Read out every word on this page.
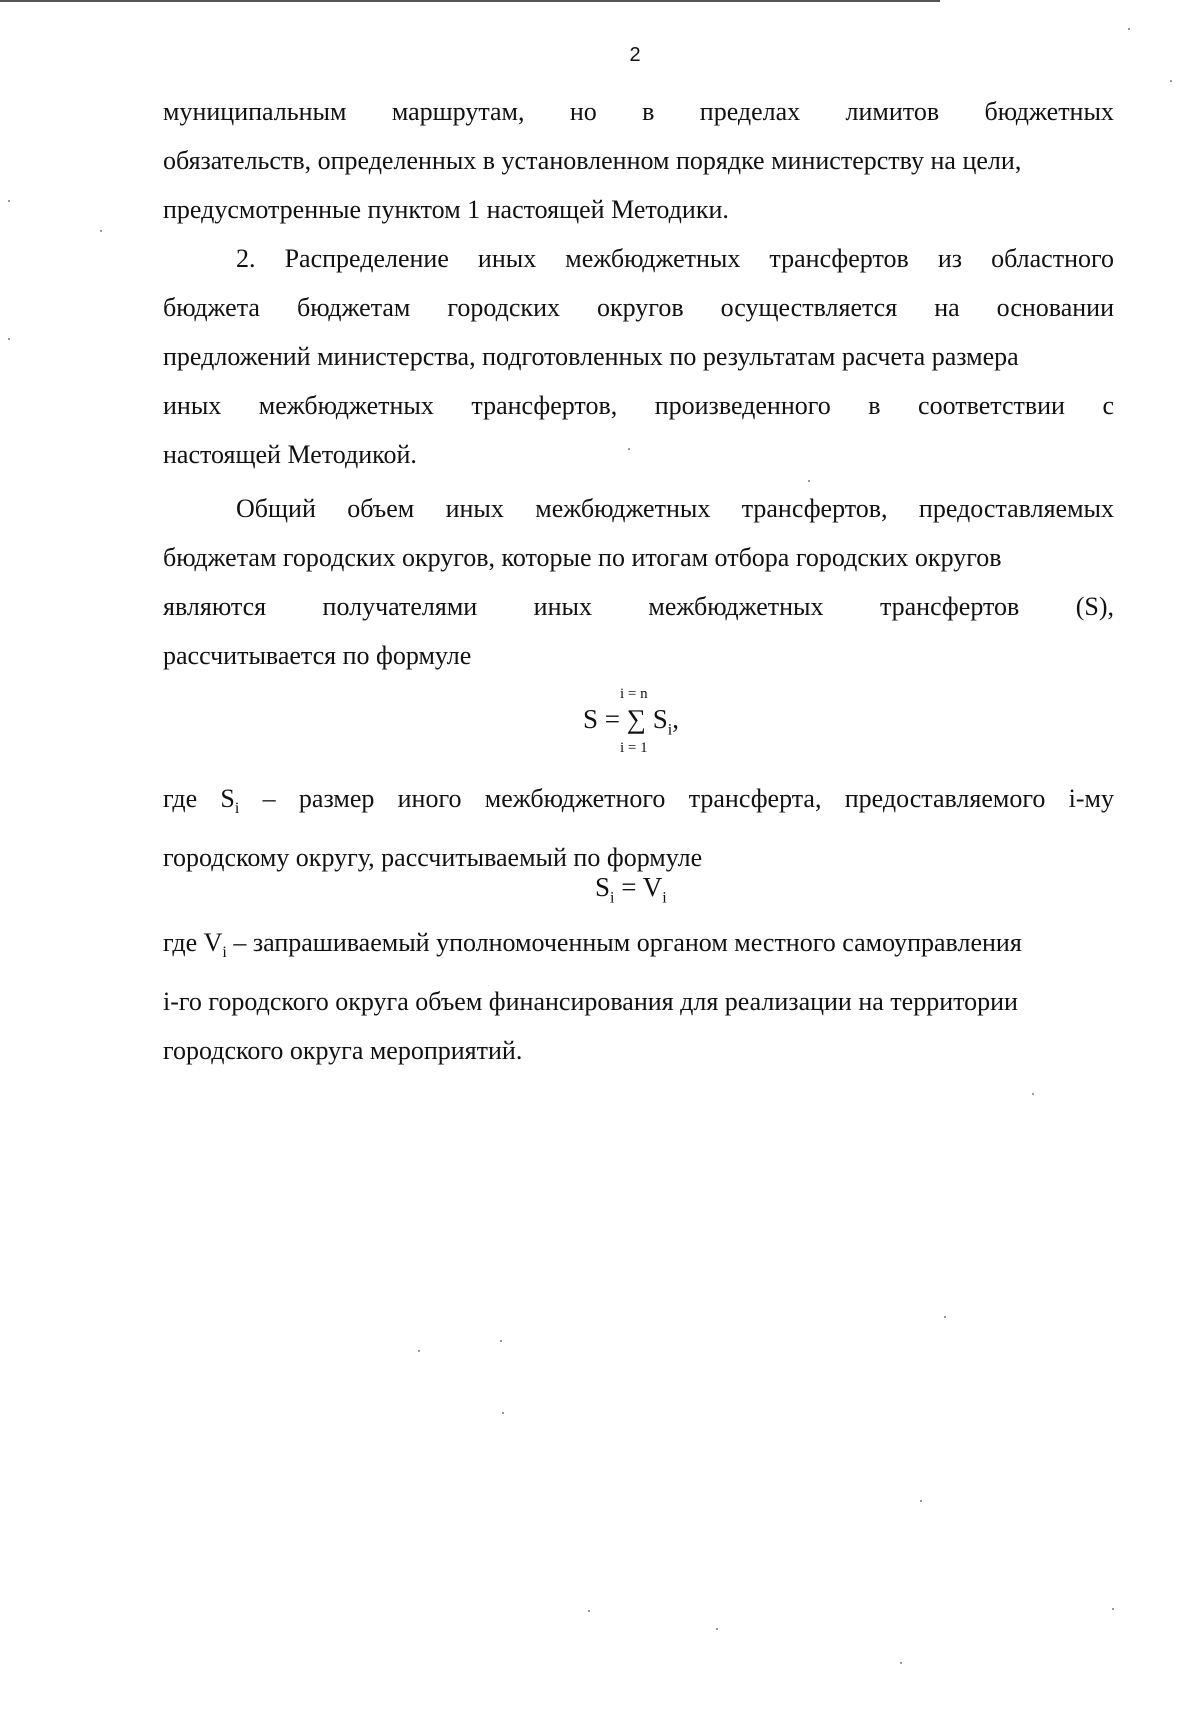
2
муниципальным маршрутам, но в пределах лимитов бюджетных
обязательств, определенных в установленном порядке министерству на цели,
предусмотренные пунктом 1 настоящей Методики.
2. Распределение иных межбюджетных трансфертов из областного
бюджета бюджетам городских округов осуществляется на основании
предложений министерства, подготовленных по результатам расчета размера
иных межбюджетных трансфертов, произведенного в соответствии с
настоящей Методикой.
Общий объем иных межбюджетных трансфертов, предоставляемых
бюджетам городских округов, которые по итогам отбора городских округов
являются получателями иных межбюджетных трансфертов (S),
рассчитывается по формуле
i = n
S = ∑ $S_i$,
i = 1
где $S_i$ – размер иного межбюджетного трансферта, предоставляемого i-му
городскому округу, рассчитываемый по формуле
$S_i = V_i$
где $V_i$ – запрашиваемый уполномоченным органом местного самоуправления
i-го городского округа объем финансирования для реализации на территории
городского округа мероприятий.
